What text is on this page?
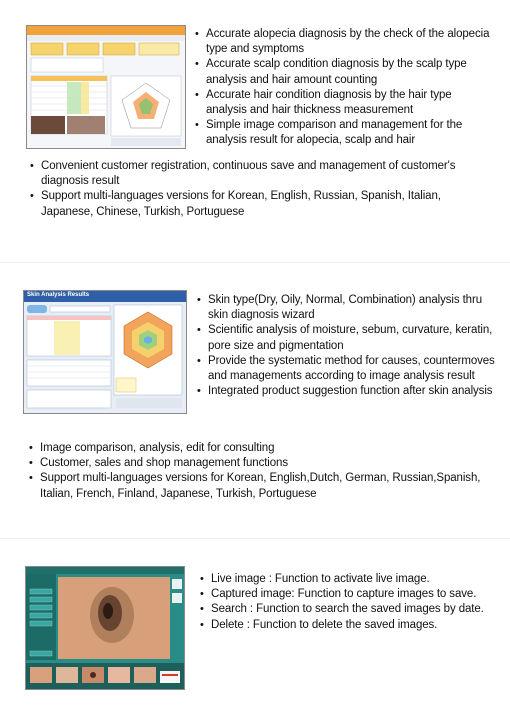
• Accurate alopecia diagnosis by the check of the alopecia type and symptoms
• Accurate scalp condition diagnosis by the scalp type analysis and hair amount counting
• Accurate hair condition diagnosis by the hair type analysis and hair thickness measurement
• Simple image comparison and management for the analysis result for alopecia, scalp and hair
• Convenient customer registration, continuous save and management of customer's diagnosis result
• Support multi-languages versions for Korean, English, Russian, Spanish, Italian, Japanese, Chinese, Turkish, Portuguese
Skin Analysis Results
•	Skin type(Dry, Oily, Normal, Combination) analysis thru skin diagnosis wizard
• Scientific analysis of moisture, sebum, curvature, keratin, pore size and pigmentation
• Provide the systematic method for causes, countermoves and managements according to image analysis result
• Integrated product suggestion function after skin analysis
• Image comparison, analysis, edit for consulting
• Customer, sales and shop management functions
• Support multi-languages versions for Korean, English,Dutch, German, Russian,Spanish, Italian, French, Finland, Japanese, Turkish, Portuguese
• Live image : Function to activate live image.
• Captured image: Function to capture images to save.
• Search : Function to search the saved images by date.
• Delete : Function to delete the saved images.
